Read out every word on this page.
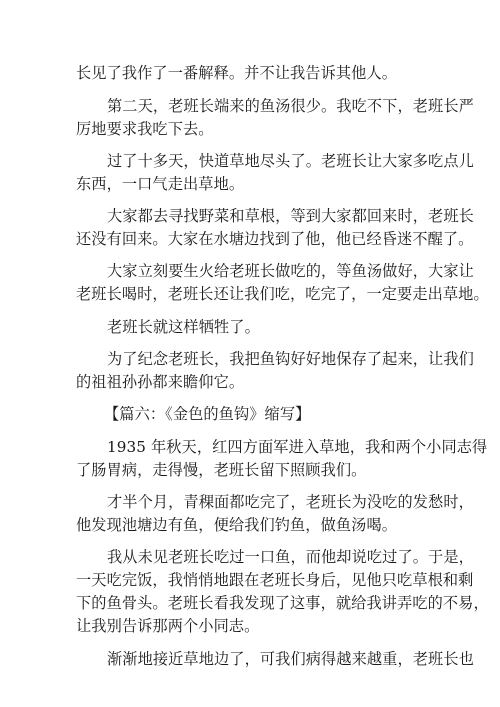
长见了我作了一番解释。并不让我告诉其他人。
第二天，老班长端来的鱼汤很少。我吃不下，老班长严
厉地要求我吃下去。
过了十多天，快道草地尽头了。老班长让大家多吃点儿
东西，一口气走出草地。
大家都去寻找野菜和草根，等到大家都回来时，老班长
还没有回来。大家在水塘边找到了他，他已经昏迷不醒了。
大家立刻要生火给老班长做吃的，等鱼汤做好，大家让
老班长喝时，老班长还让我们吃，吃完了，一定要走出草地。
老班长就这样牺牲了。
为了纪念老班长，我把鱼钩好好地保存了起来，让我们
的祖祖孙孙都来瞻仰它。
【篇六：《金色的鱼钩》缩写】
1935 年秋天，红四方面军进入草地，我和两个小同志得
了肠胃病，走得慢，老班长留下照顾我们。
才半个月，青稞面都吃完了，老班长为没吃的发愁时，
他发现池塘边有鱼，便给我们钓鱼，做鱼汤喝。
我从未见老班长吃过一口鱼，而他却说吃过了。于是，
一天吃完饭，我悄悄地跟在老班长身后，见他只吃草根和剩
下的鱼骨头。老班长看我发现了这事，就给我讲弄吃的不易，
让我别告诉那两个小同志。
渐渐地接近草地边了，可我们病得越来越重，老班长也
